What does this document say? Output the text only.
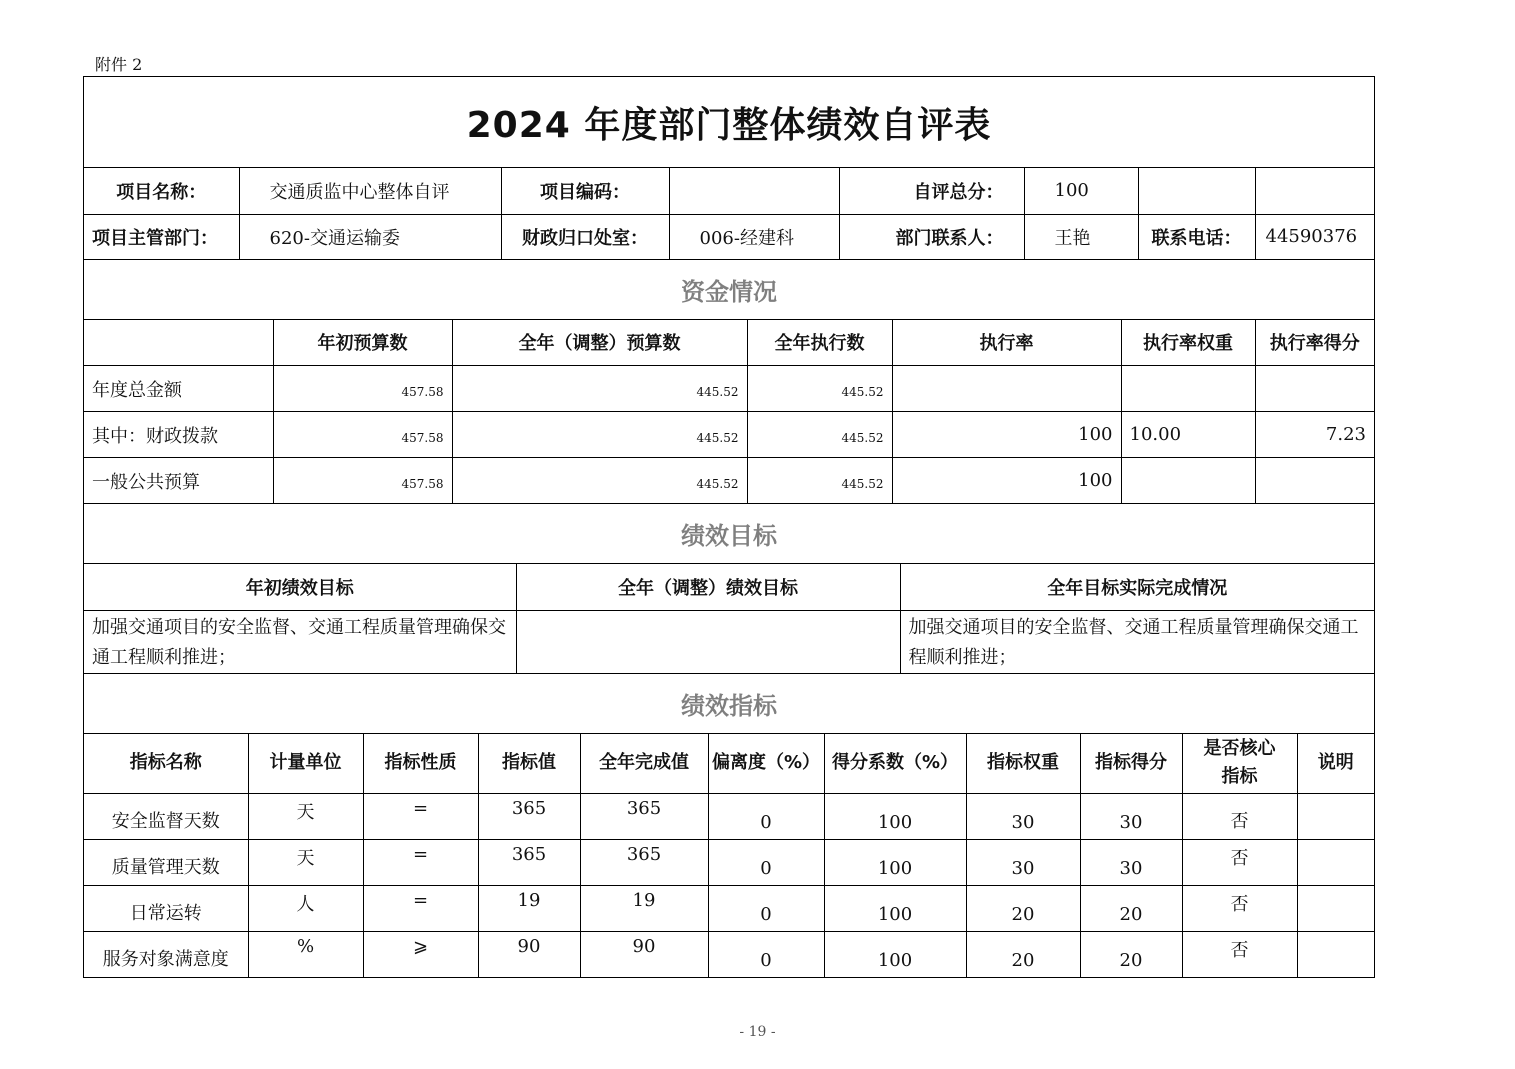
附件 2
2024 年度部门整体绩效自评表
项目名称：	交通质监中心整体自评	项目编码：		自评总分：	100		
项目主管部门：	620-交通运输委	财政归口处室：	006-经建科	部门联系人：	王艳	联系电话：	44590376
资金情况
	年初预算数	全年（调整）预算数	全年执行数	执行率	执行率权重	执行率得分
年度总金额	457.58	445.52	445.52			
其中：财政拨款	457.58	445.52	445.52	100	10.00	7.23
一般公共预算	457.58	445.52	445.52	100		
绩效目标
年初绩效目标	全年（调整）绩效目标	全年目标实际完成情况
加强交通项目的安全监督、交通工程质量管理确保交通工程顺利推进；		加强交通项目的安全监督、交通工程质量管理确保交通工程顺利推进；
绩效指标
指标名称	计量单位	指标性质	指标值	全年完成值	偏离度（%）	得分系数（%）	指标权重	指标得分	是否核心指标	说明
安全监督天数	天	=	365	365	0	100	30	30	否	
质量管理天数	天	=	365	365	0	100	30	30	否	
日常运转	人	=	19	19	0	100	20	20	否	
服务对象满意度	%	⩾	90	90	0	100	20	20	否	
- 19 -
